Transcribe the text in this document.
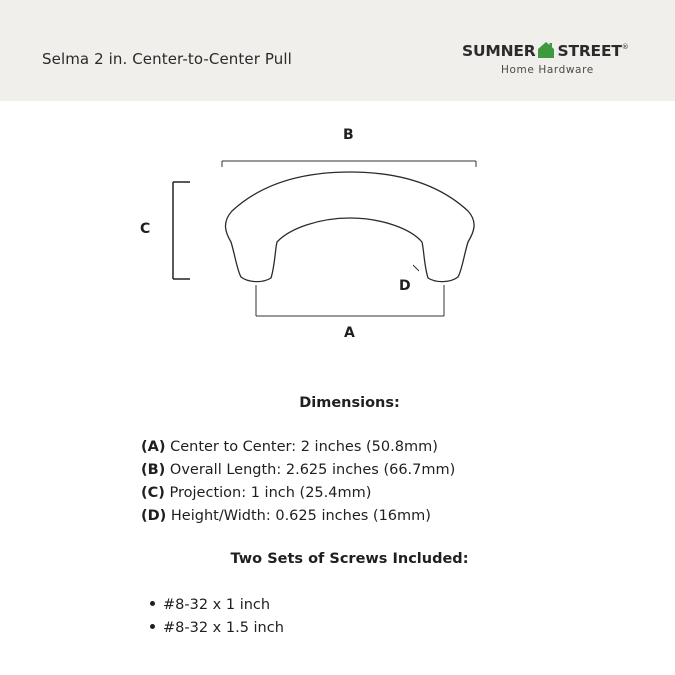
Selma 2 in. Center-to-Center Pull	SUMNER STREET®
Home Hardware
B
C
D
A
Dimensions:
(A) Center to Center: 2 inches (50.8mm)
(B) Overall Length: 2.625 inches (66.7mm)
(C) Projection: 1 inch (25.4mm)
(D) Height/Width: 0.625 inches (16mm)
Two Sets of Screws Included:
#8-32 x 1 inch
#8-32 x 1.5 inch
